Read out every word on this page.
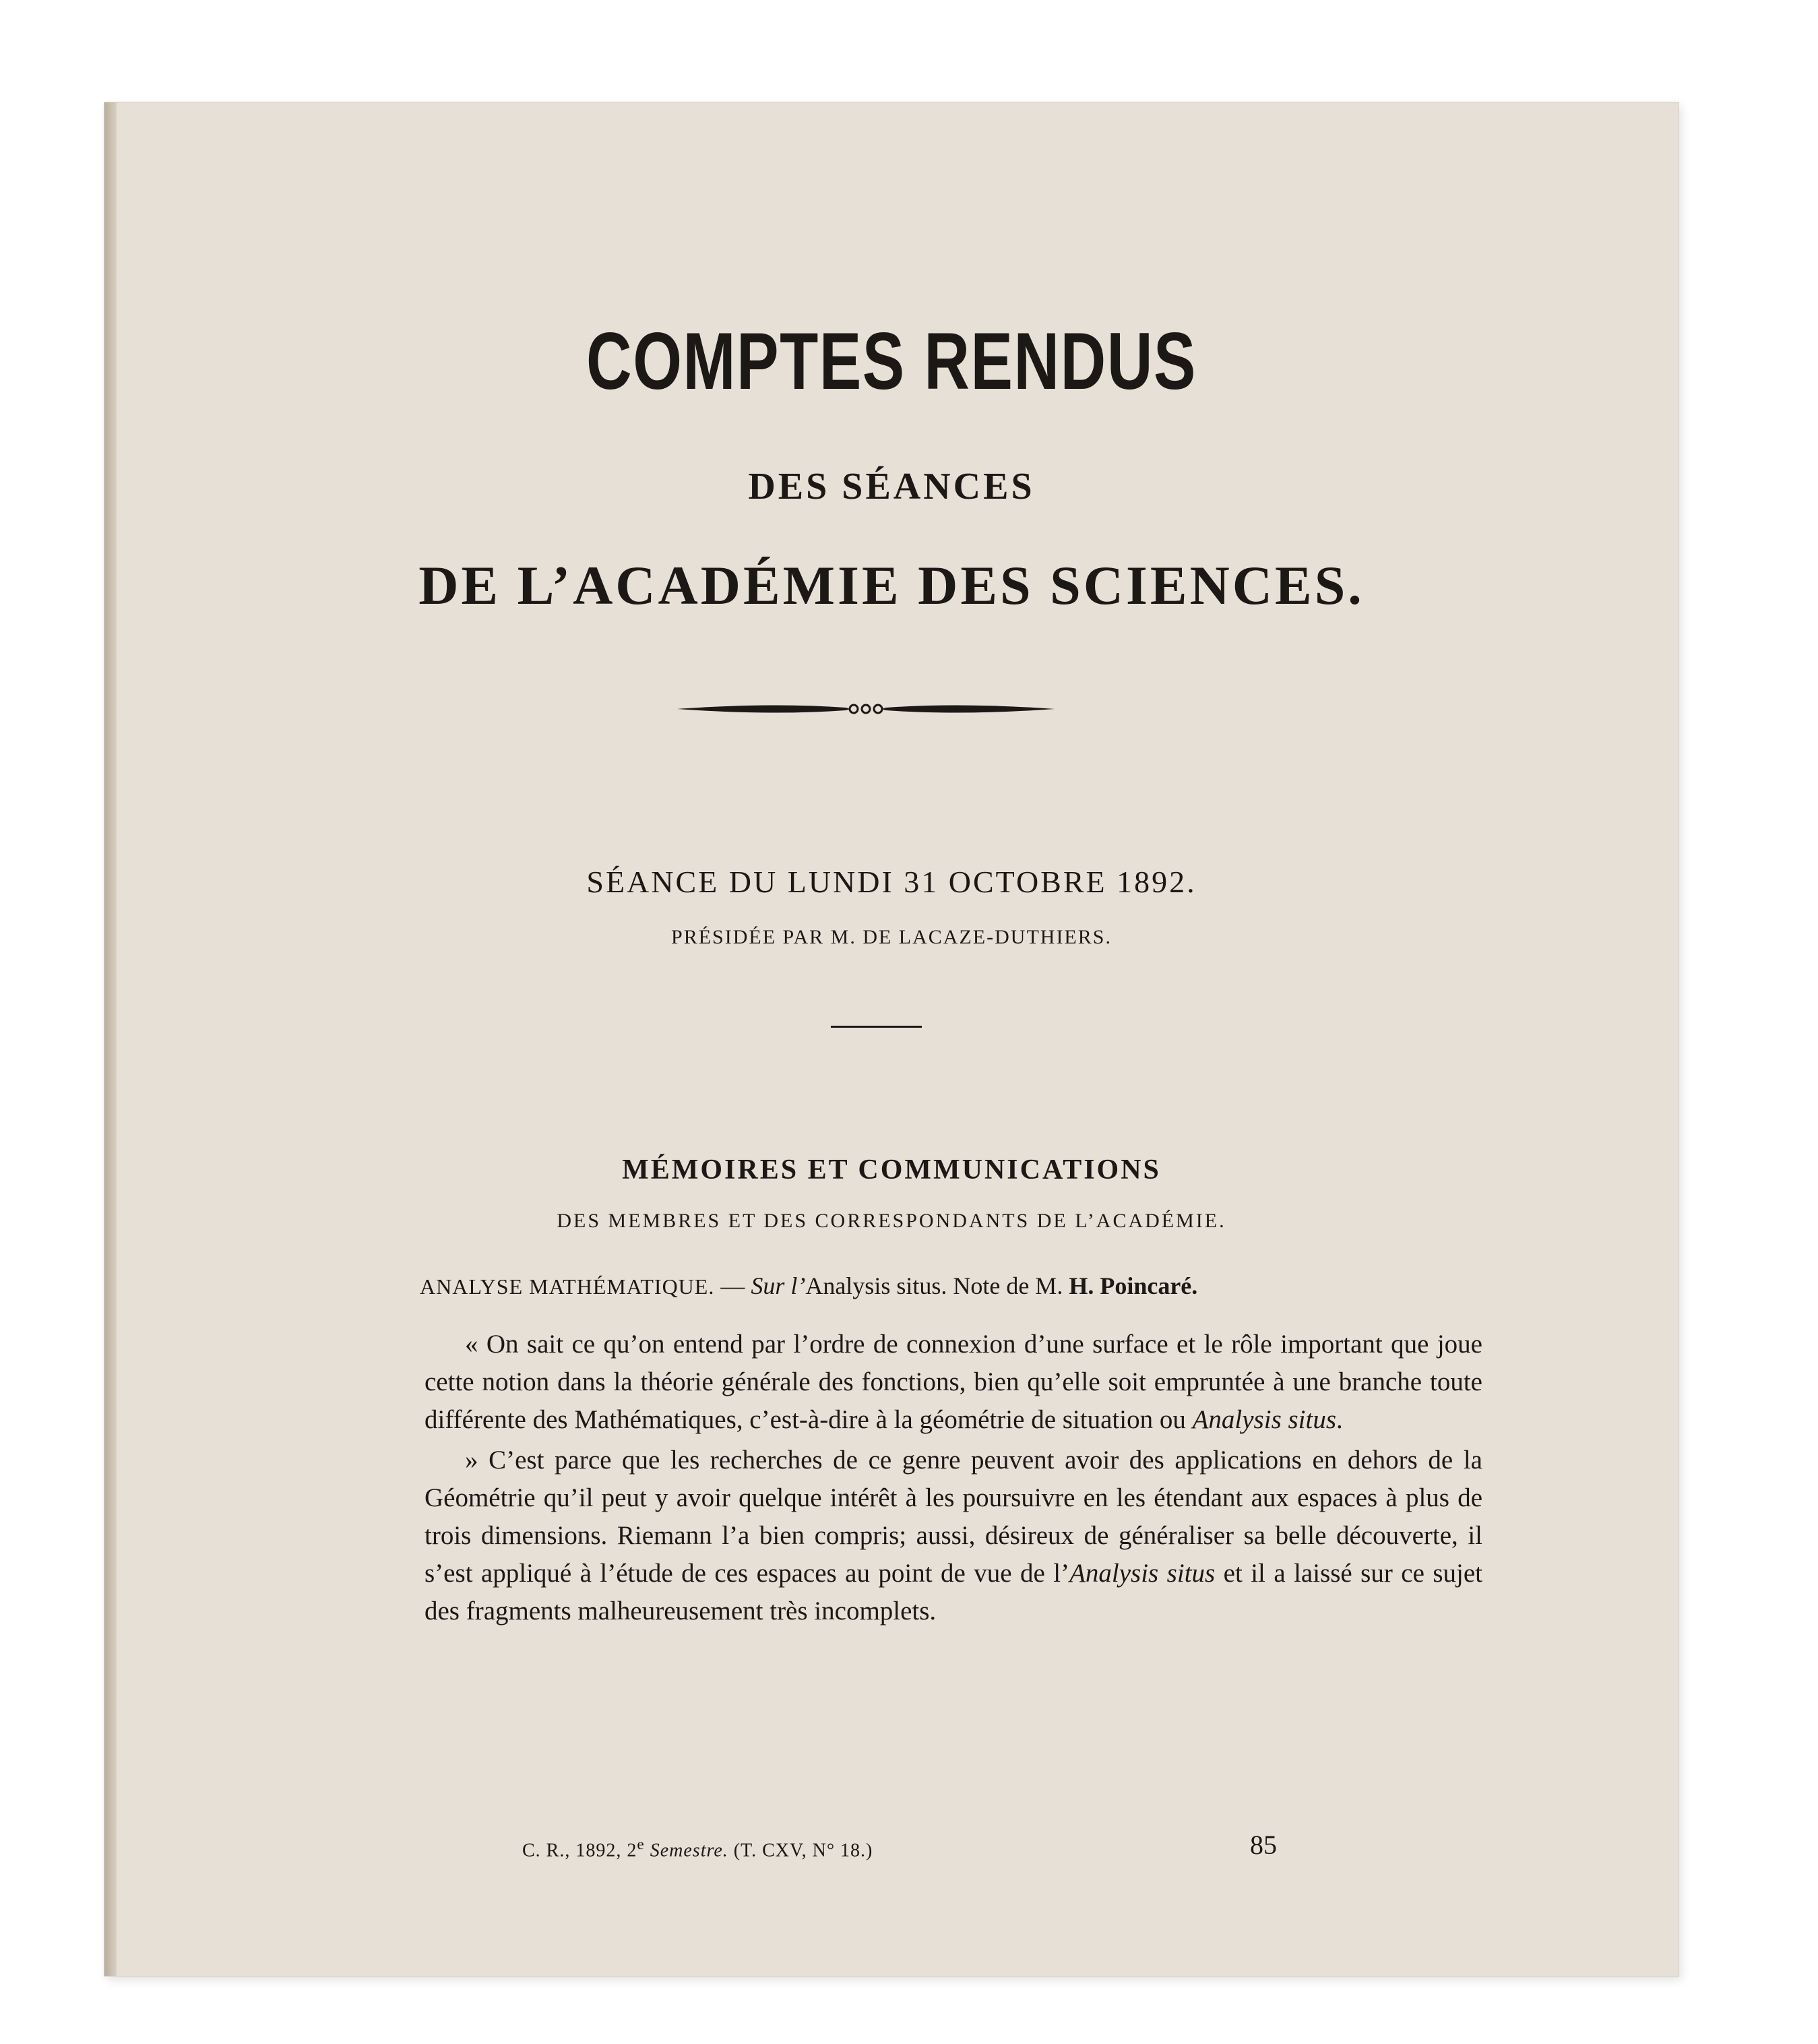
COMPTES RENDUS
DES SÉANCES
DE L’ACADÉMIE DES SCIENCES.
SÉANCE DU LUNDI 31 OCTOBRE 1892.
PRÉSIDÉE PAR M. DE LACAZE-DUTHIERS.
MÉMOIRES ET COMMUNICATIONS
DES MEMBRES ET DES CORRESPONDANTS DE L’ACADÉMIE.
ANALYSE MATHÉMATIQUE. — Sur l’Analysis situs. Note de M. H. Poincaré.

« On sait ce qu’on entend par l’ordre de connexion d’une surface et le rôle important que joue cette notion dans la théorie générale des fonctions, bien qu’elle soit empruntée à une branche toute différente des Mathématiques, c’est-à-dire à la géométrie de situation ou Analysis situs.

» C’est parce que les recherches de ce genre peuvent avoir des applications en dehors de la Géométrie qu’il peut y avoir quelque intérêt à les poursuivre en les étendant aux espaces à plus de trois dimensions. Riemann l’a bien compris; aussi, désireux de généraliser sa belle découverte, il s’est appliqué à l’étude de ces espaces au point de vue de l’Analysis situs et il a laissé sur ce sujet des fragments malheureusement très incomplets.

C. R., 1892, 2e Semestre. (T. CXV, N° 18.)	85
